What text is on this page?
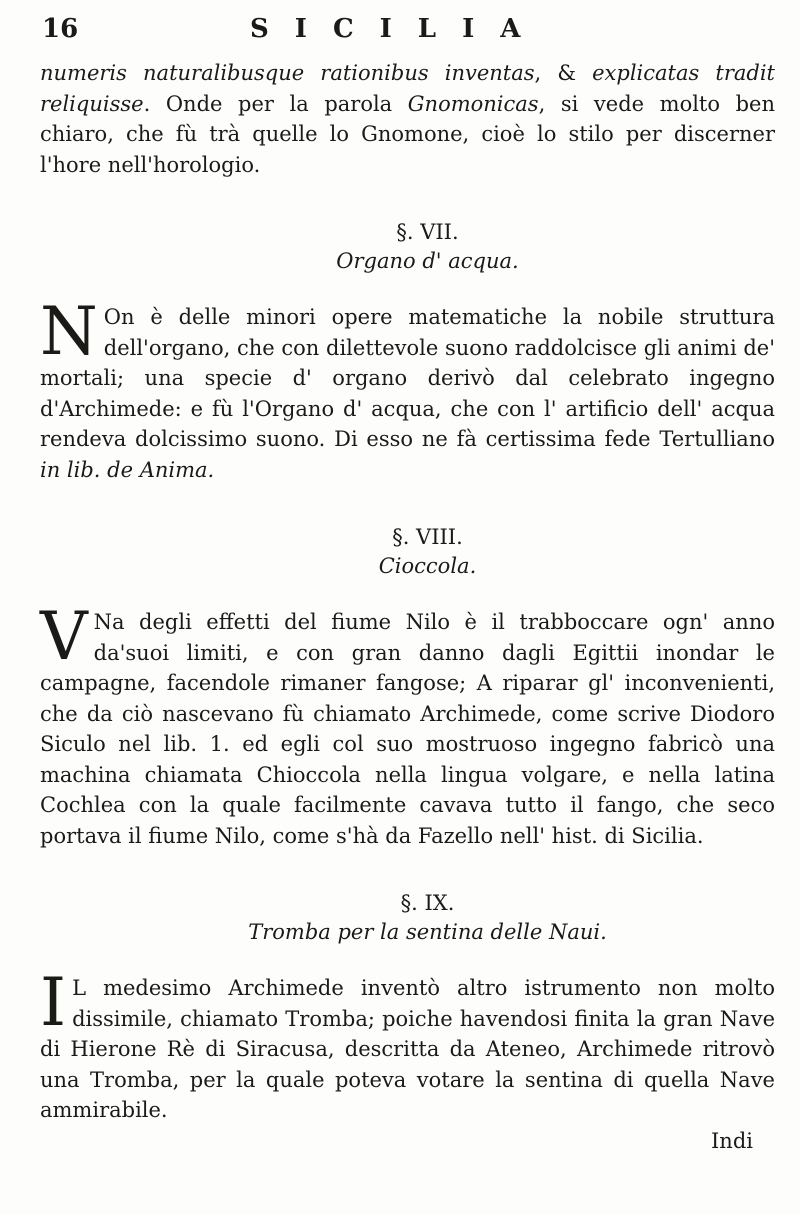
16	SICILIA

numeris naturalibusque rationibus inventas, & explicatas tradit reliquisse. Onde per la parola Gnomonicas, si vede molto ben chiaro, che fù trà quelle lo Gnomone, cioè lo stilo per discerner l'hore nell'horologio.

§. VII.
Organo d' acqua.

N On è delle minori opere matematiche la nobile struttura dell'organo, che con dilettevole suono raddolcisce gli animi de' mortali; una specie d' organo derivò dal celebrato ingegno d'Archimede: e fù l'Organo d' acqua, che con l' artificio dell' acqua rendeva dolcissimo suono. Di esso ne fà certissima fede Tertulliano in lib. de Anima.

§. VIII.
Cioccola.

V Na degli effetti del fiume Nilo è il trabboccare ogn' anno da'suoi limiti, e con gran danno dagli Egittii inondar le campagne, facendole rimaner fangose; A riparar gl' inconvenienti, che da ciò nascevano fù chiamato Archimede, come scrive Diodoro Siculo nel lib. 1. ed egli col suo mostruoso ingegno fabricò una machina chiamata Chioccola nella lingua volgare, e nella latina Cochlea con la quale facilmente cavava tutto il fango, che seco portava il fiume Nilo, come s'hà da Fazello nell' hist. di Sicilia.

§. IX.
Tromba per la sentina delle Naui.

I L medesimo Archimede inventò altro istrumento non molto dissimile, chiamato Tromba; poiche havendosi finita la gran Nave di Hierone Rè di Siracusa, descritta da Ateneo, Archimede ritrovò una Tromba, per la quale poteva votare la sentina di quella Nave ammirabile.

Indi
